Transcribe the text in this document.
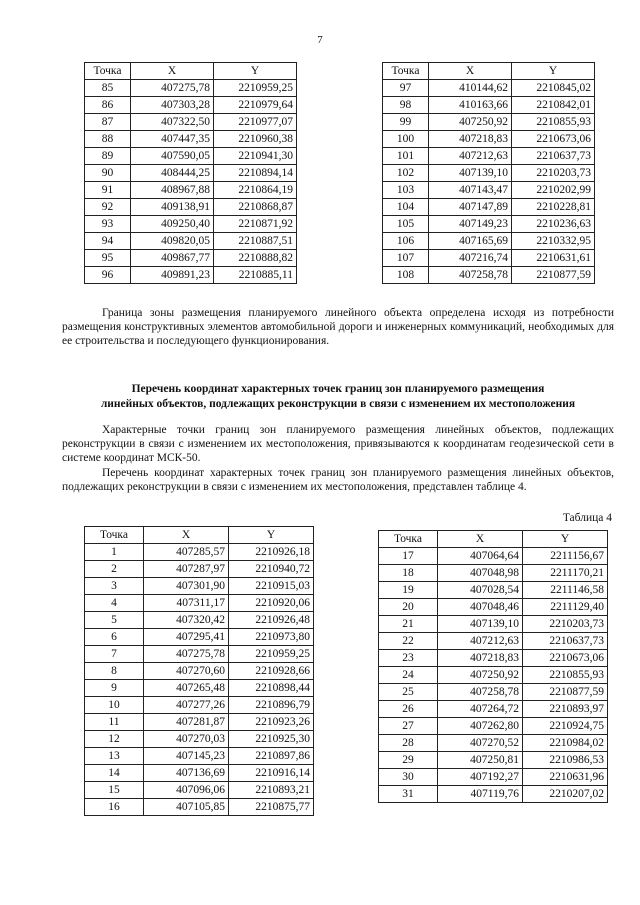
7
Точка	X	Y
85	407275,78	2210959,25
86	407303,28	2210979,64
87	407322,50	2210977,07
88	407447,35	2210960,38
89	407590,05	2210941,30
90	408444,25	2210894,14
91	408967,88	2210864,19
92	409138,91	2210868,87
93	409250,40	2210871,92
94	409820,05	2210887,51
95	409867,77	2210888,82
96	409891,23	2210885,11
Точка	X	Y
97	410144,62	2210845,02
98	410163,66	2210842,01
99	407250,92	2210855,93
100	407218,83	2210673,06
101	407212,63	2210637,73
102	407139,10	2210203,73
103	407143,47	2210202,99
104	407147,89	2210228,81
105	407149,23	2210236,63
106	407165,69	2210332,95
107	407216,74	2210631,61
108	407258,78	2210877,59

Граница зоны размещения планируемого линейного объекта определена исходя из потребности размещения конструктивных элементов автомобильной дороги и инженерных коммуникаций, необходимых для ее строительства и последующего функционирования.

Перечень координат характерных точек границ зон планируемого размещения
линейных объектов, подлежащих реконструкции в связи с изменением их местоположения

Характерные точки границ зон планируемого размещения линейных объектов, подлежащих реконструкции в связи с изменением их местоположения, привязываются к координатам геодезической сети в системе координат МСК-50.

Перечень координат характерных точек границ зон планируемого размещения линейных объектов, подлежащих реконструкции в связи с изменением их местоположения, представлен таблице 4.

Таблица 4
Точка	X	Y
1	407285,57	2210926,18
2	407287,97	2210940,72
3	407301,90	2210915,03
4	407311,17	2210920,06
5	407320,42	2210926,48
6	407295,41	2210973,80
7	407275,78	2210959,25
8	407270,60	2210928,66
9	407265,48	2210898,44
10	407277,26	2210896,79
11	407281,87	2210923,26
12	407270,03	2210925,30
13	407145,23	2210897,86
14	407136,69	2210916,14
15	407096,06	2210893,21
16	407105,85	2210875,77
Точка	X	Y
17	407064,64	2211156,67
18	407048,98	2211170,21
19	407028,54	2211146,58
20	407048,46	2211129,40
21	407139,10	2210203,73
22	407212,63	2210637,73
23	407218,83	2210673,06
24	407250,92	2210855,93
25	407258,78	2210877,59
26	407264,72	2210893,97
27	407262,80	2210924,75
28	407270,52	2210984,02
29	407250,81	2210986,53
30	407192,27	2210631,96
31	407119,76	2210207,02
